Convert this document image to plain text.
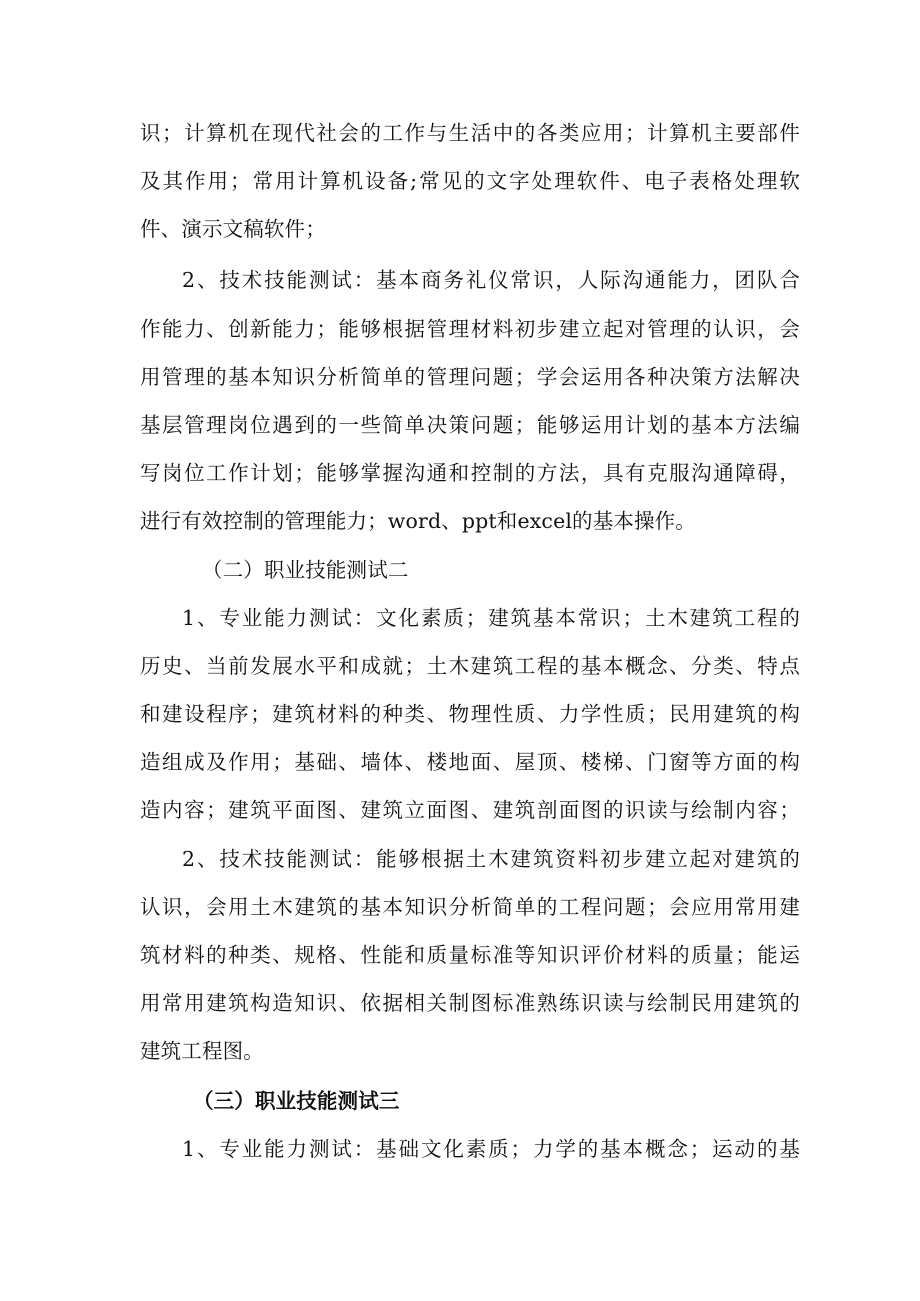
识；计算机在现代社会的工作与生活中的各类应用；计算机主要部件
及其作用；常用计算机设备;常见的文字处理软件、电子表格处理软
件、演示文稿软件；
2、技术技能测试：基本商务礼仪常识，人际沟通能力，团队合
作能力、创新能力；能够根据管理材料初步建立起对管理的认识，会
用管理的基本知识分析简单的管理问题；学会运用各种决策方法解决
基层管理岗位遇到的一些简单决策问题；能够运用计划的基本方法编
写岗位工作计划；能够掌握沟通和控制的方法，具有克服沟通障碍，
进行有效控制的管理能力；word、ppt和excel的基本操作。
（二）职业技能测试二
1、专业能力测试：文化素质；建筑基本常识；土木建筑工程的
历史、当前发展水平和成就；土木建筑工程的基本概念、分类、特点
和建设程序；建筑材料的种类、物理性质、力学性质；民用建筑的构
造组成及作用；基础、墙体、楼地面、屋顶、楼梯、门窗等方面的构
造内容；建筑平面图、建筑立面图、建筑剖面图的识读与绘制内容；
2、技术技能测试：能够根据土木建筑资料初步建立起对建筑的
认识，会用土木建筑的基本知识分析简单的工程问题；会应用常用建
筑材料的种类、规格、性能和质量标准等知识评价材料的质量；能运
用常用建筑构造知识、依据相关制图标准熟练识读与绘制民用建筑的
建筑工程图。
（三）职业技能测试三
1、专业能力测试：基础文化素质；力学的基本概念；运动的基
